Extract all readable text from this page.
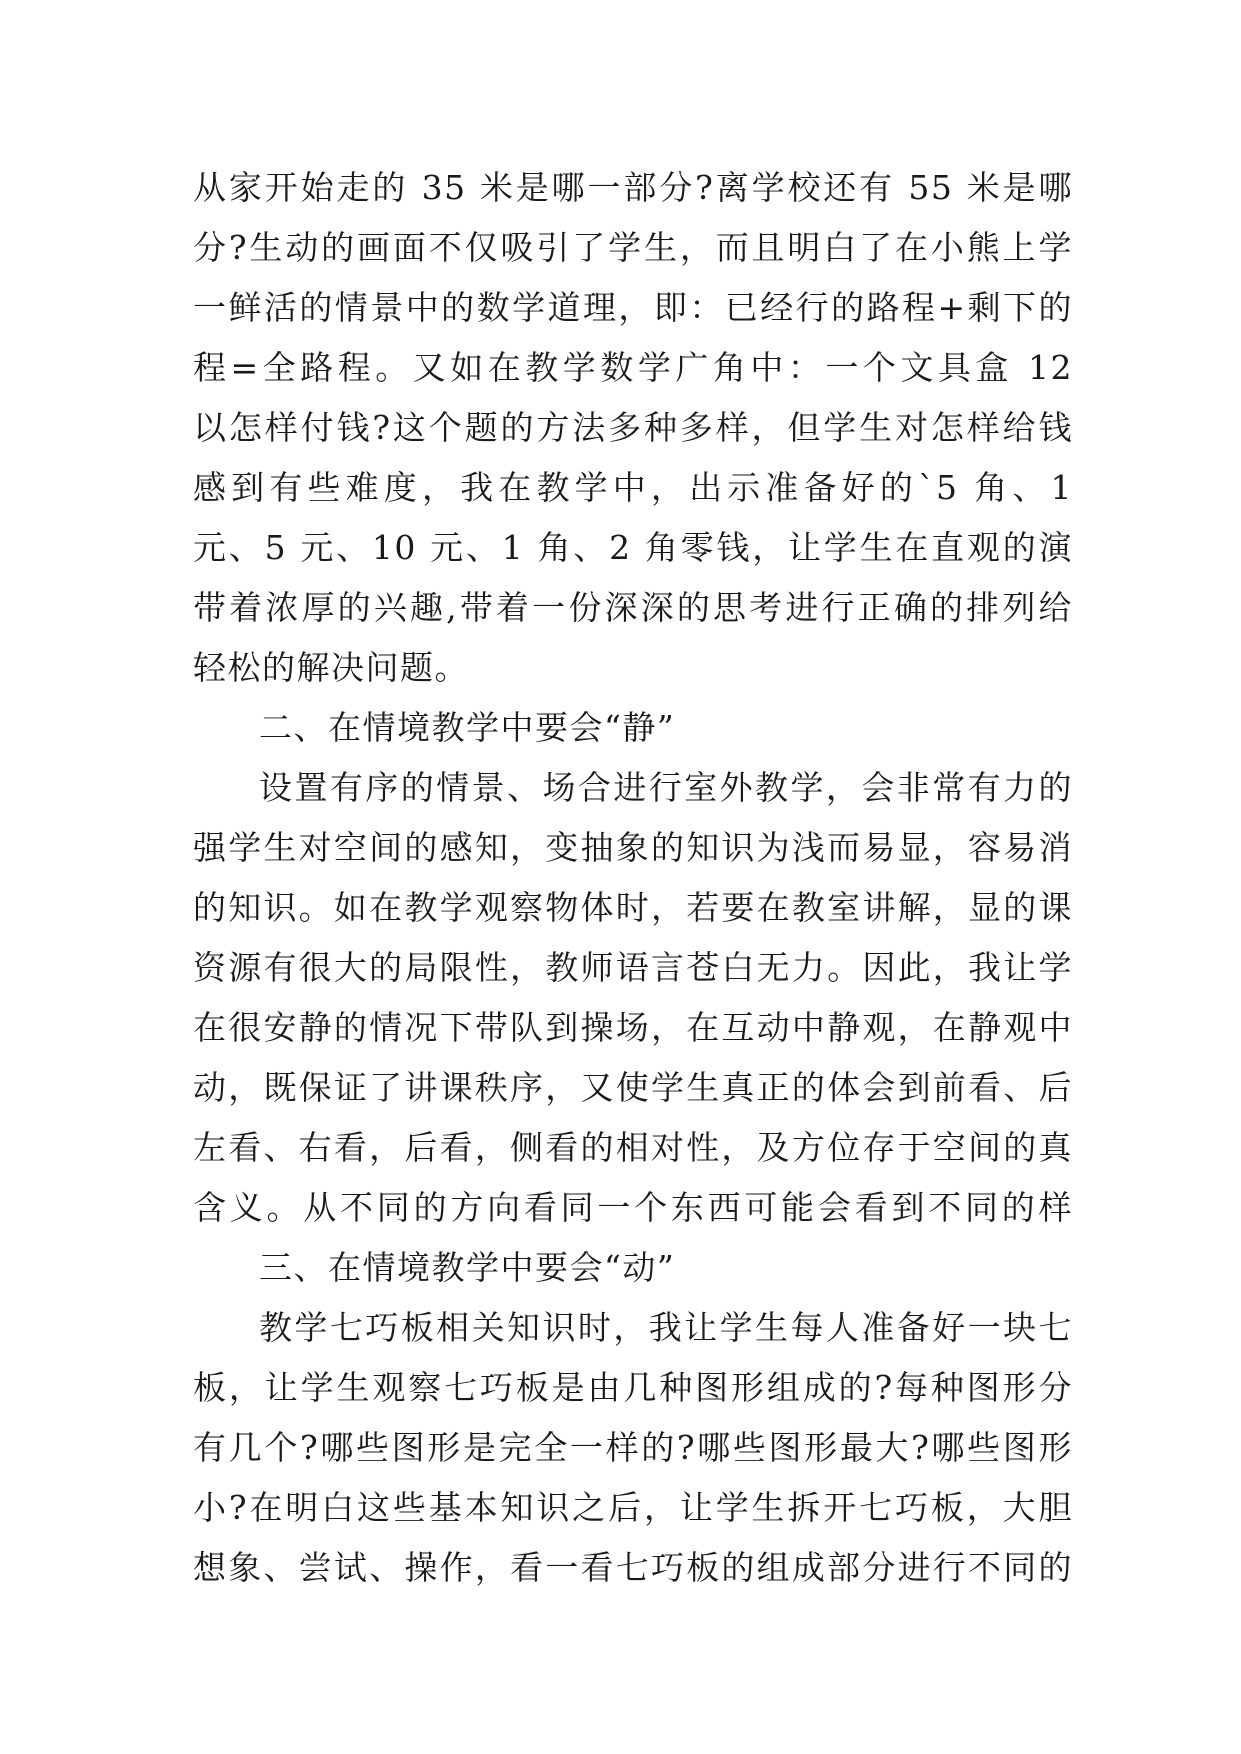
从家开始走的 35 米是哪一部分?离学校还有 55 米是哪
分?生动的画面不仅吸引了学生，而且明白了在小熊上学
一鲜活的情景中的数学道理，即：已经行的路程+剩下的
程=全路程。又如在教学数学广角中：一个文具盒 12
以怎样付钱?这个题的方法多种多样，但学生对怎样给钱
感到有些难度，我在教学中，出示准备好的`5 角、1
元、5 元、10 元、1 角、2 角零钱，让学生在直观的演
带着浓厚的兴趣,带着一份深深的思考进行正确的排列给
轻松的解决问题。
二、在情境教学中要会“静”
设置有序的情景、场合进行室外教学，会非常有力的
强学生对空间的感知，变抽象的知识为浅而易显，容易消
的知识。如在教学观察物体时，若要在教室讲解，显的课
资源有很大的局限性，教师语言苍白无力。因此，我让学
在很安静的情况下带队到操场，在互动中静观，在静观中
动，既保证了讲课秩序，又使学生真正的体会到前看、后
左看、右看，后看，侧看的相对性，及方位存于空间的真
含义。从不同的方向看同一个东西可能会看到不同的样
三、在情境教学中要会“动”
教学七巧板相关知识时，我让学生每人准备好一块七
板，让学生观察七巧板是由几种图形组成的?每种图形分
有几个?哪些图形是完全一样的?哪些图形最大?哪些图形
小?在明白这些基本知识之后，让学生拆开七巧板，大胆
想象、尝试、操作，看一看七巧板的组成部分进行不同的
